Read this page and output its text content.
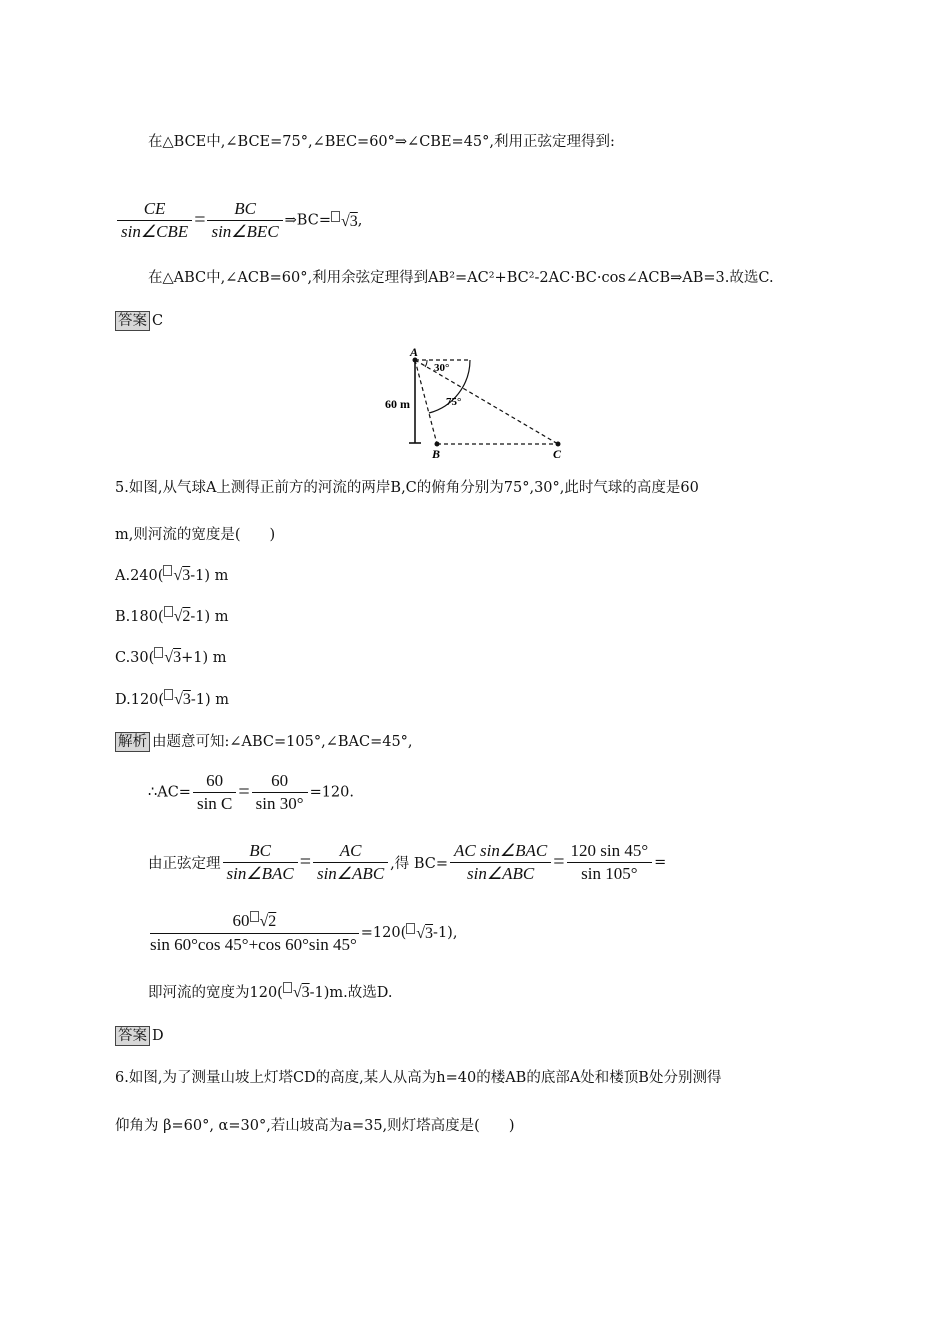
在△BCE中,∠BCE=75°,∠BEC=60°⇒∠CBE=45°,利用正弦定理得到:
$\frac{CE}{\text{sin∠CBE}} = \frac{BC}{\text{sin∠BEC}}$ ⇒BC= √3,
在△ABC中,∠ACB=60°,利用余弦定理得到AB²=AC²+BC²-2AC·BC·cos∠ACB⇒AB=3.故选C.
答案 C
A
B	C
30°
75°
60 m
5.如图,从气球A上测得正前方的河流的两岸B,C的俯角分别为75°,30°,此时气球的高度是60
m,则河流的宽度是(　　)
A.240( √3-1) m
B.180( √2-1) m
C.30( √3+1) m
D.120( √3-1) m
解析 由题意可知:∠ABC=105°,∠BAC=45°,
∴AC= $\frac{60}{\text{sin C}} = \frac{60}{\sin 30^\circ} =120$.
由正弦定理 $\frac{BC}{\text{sin∠BAC}} = \frac{AC}{\text{sin∠ABC}}$ ,得 $BC= \frac{\text{AC sin∠BAC}}{\text{sin∠ABC}} = \frac{120 \sin 45^\circ}{\sin 105^\circ}$ =
$\frac{60 √2}{\sin 60^\circ\cos 45^\circ+\cos 60^\circ\sin 45^\circ} =120$( √3-1),
即河流的宽度为120( √3-1)m.故选D.
答案 D
6.如图,为了测量山坡上灯塔CD的高度,某人从高为h=40的楼AB的底部A处和楼顶B处分别测得
仰角为 β=60°, α=30°,若山坡高为a=35,则灯塔高度是(　　)
